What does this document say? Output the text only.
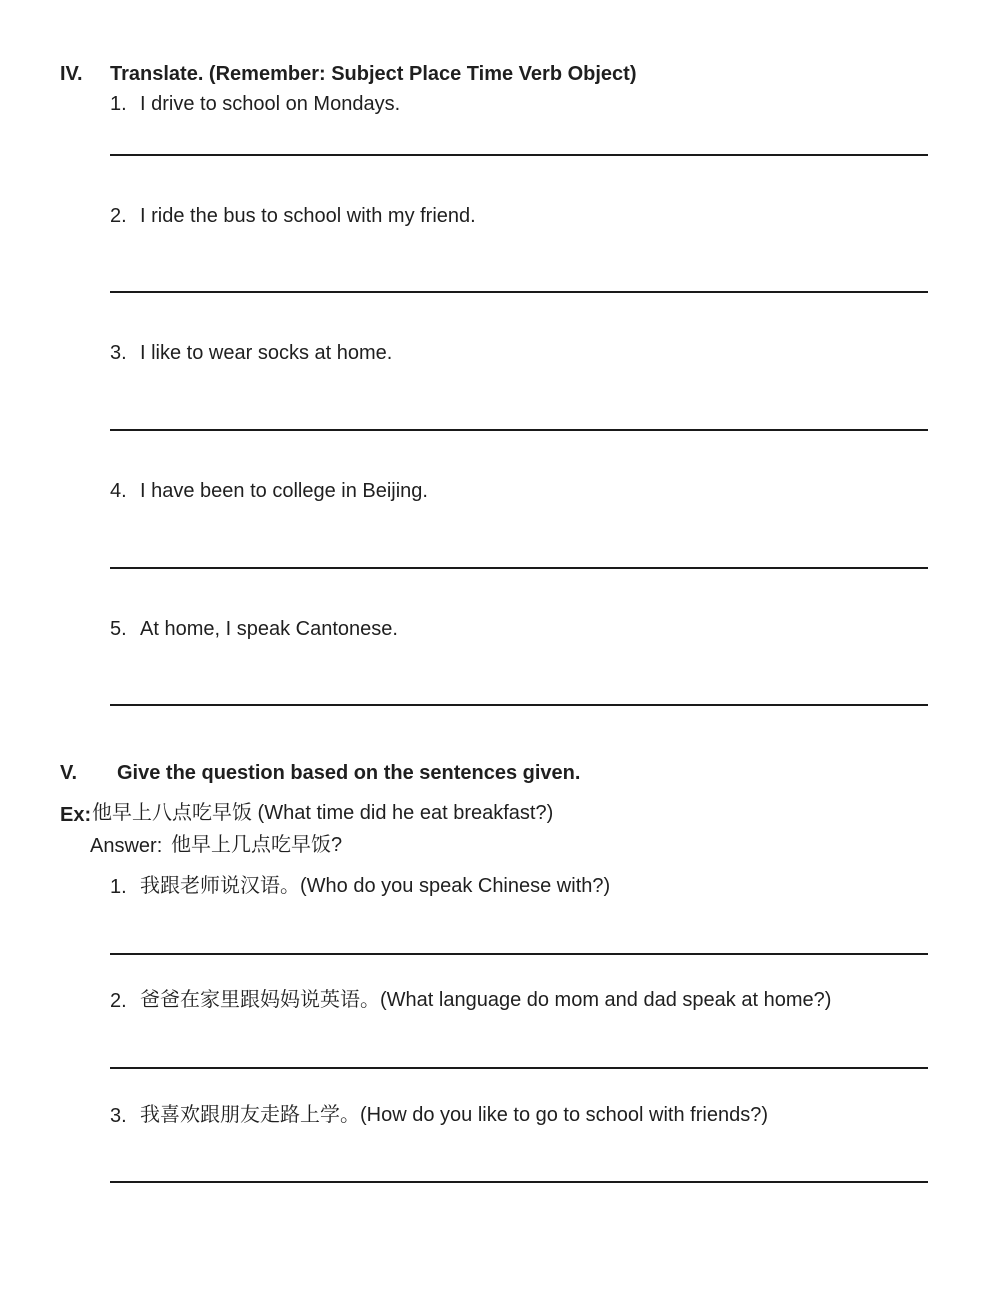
IV. Translate. (Remember: Subject Place Time Verb Object)
1. I drive to school on Mondays.
2. I ride the bus to school with my friend.
3. I like to wear socks at home.
4. I have been to college in Beijing.
5. At home, I speak Cantonese.
V. Give the question based on the sentences given.
Ex: 他早上八点吃早饭 (What time did he eat breakfast?)
Answer: 他早上几点吃早饭?
1. 我跟老师说汉语。(Who do you speak Chinese with?)
2. 爸爸在家里跟妈妈说英语。(What language do mom and dad speak at home?)
3. 我喜欢跟朋友走路上学。(How do you like to go to school with friends?)
